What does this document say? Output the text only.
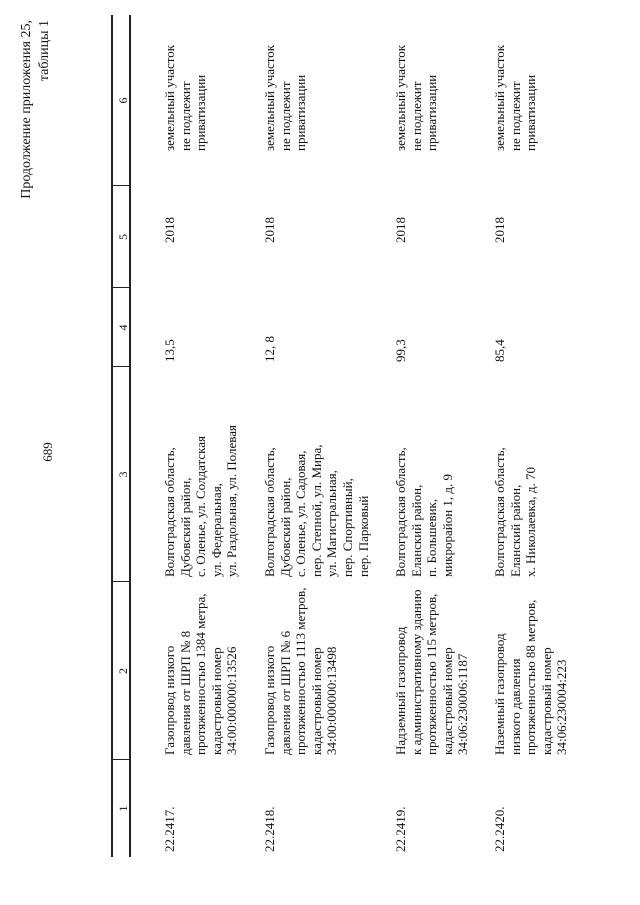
689
Продолжение приложения 25, таблицы 1
1
2
3
4
5
6
22.2417.
Газопровод низкого
давления от ШРП № 8
протяженностью 1384 метра,
кадастровый номер
34:00:000000:13526
Волгоградская область,
Дубовский район,
с. Оленье, ул. Солдатская
ул. Федеральная,
ул. Раздольная, ул. Полевая
13,5
2018
земельный участок
не подлежит
приватизации
22.2418.
Газопровод низкого
давления от ШРП № 6
протяженностью 1113 метров,
кадастровый номер
34:00:000000:13498
Волгоградская область,
Дубовский район,
с. Оленье, ул. Садовая,
пер. Степной, ул. Мира,
ул. Магистральная,
пер. Спортивный,
пер. Парковый
12, 8
2018
земельный участок
не подлежит
приватизации
22.2419.
Надземный газопровод
к административному зданию
протяженностью 115 метров,
кадастровый номер
34:06:230006:1187
Волгоградская область,
Еланский район,
п. Большевик,
микрорайон 1, д. 9
99,3
2018
земельный участок
не подлежит
приватизации
22.2420.
Наземный газопровод
низкого давления
протяженностью 88 метров,
кадастровый номер
34:06:230004:223
Волгоградская область,
Еланский район,
х. Николаевка, д. 70
85,4
2018
земельный участок
не подлежит
приватизации
